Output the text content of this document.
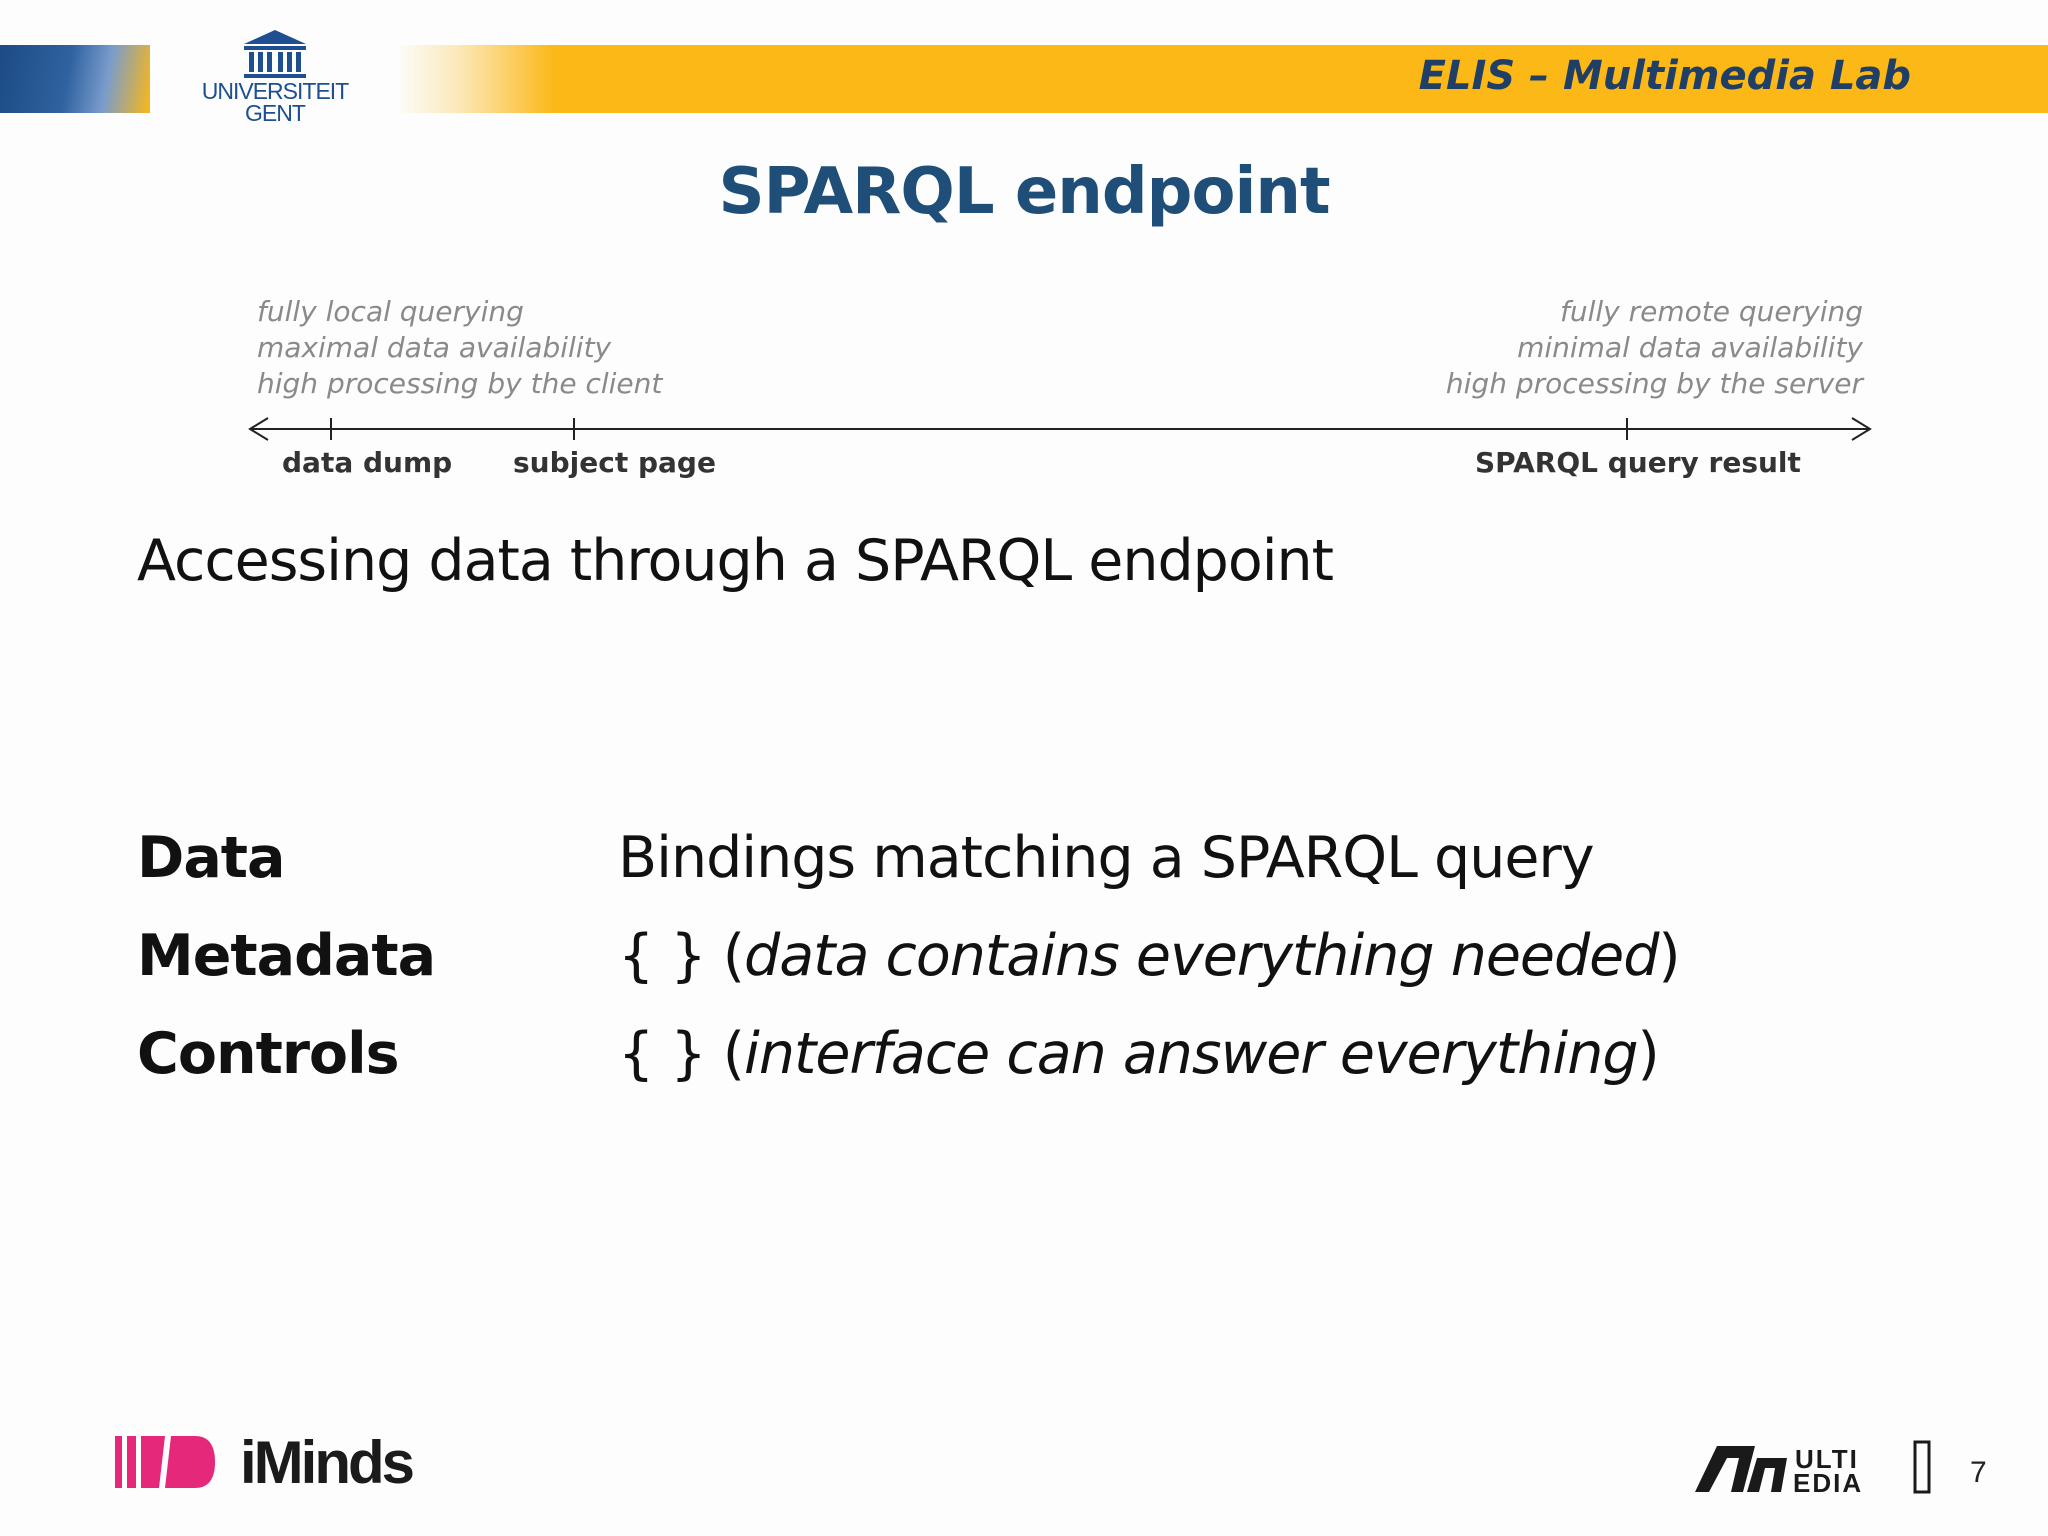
UNIVERSITEIT
GENT
ELIS – Multimedia Lab
SPARQL endpoint
fully local querying
maximal data availability
high processing by the client
fully remote querying
minimal data availability
high processing by the server
data dump subject page	SPARQL query result
Accessing data through a SPARQL endpoint
Data	Bindings matching a SPARQL query
Metadata	{ } (data contains everything needed)
Controls	{ } (interface can answer everything)
iMinds	ULTI
EDIA	7
